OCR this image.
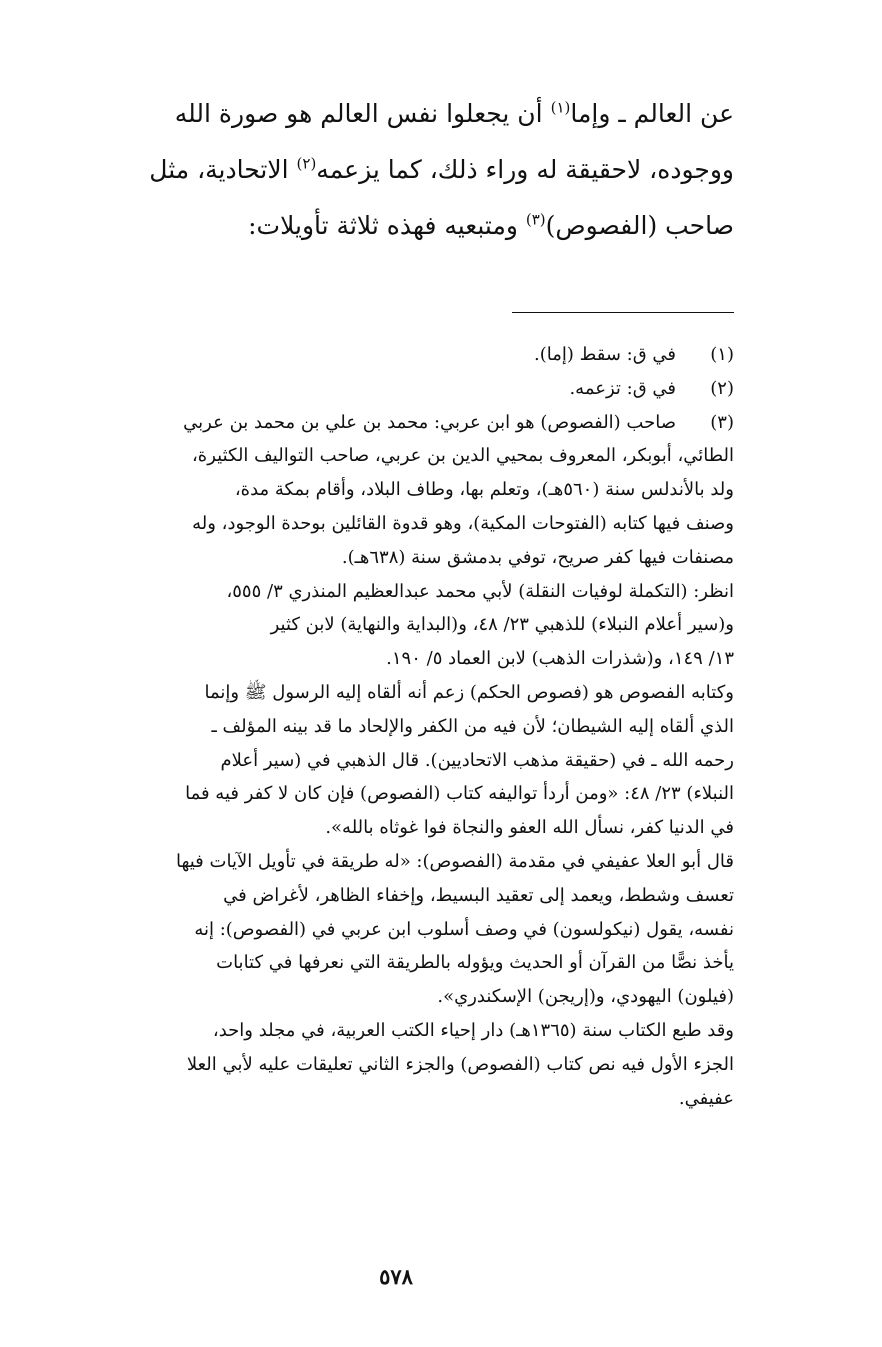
عن العالم ـ وإما$^{(١)}$ أن يجعلوا نفس العالم هو صورة الله
ووجوده، لاحقيقة له وراء ذلك، كما يزعمه$^{(٢)}$ الاتحادية، مثل
صاحب (الفصوص)$^{(٣)}$ ومتبعيه فهذه ثلاثة تأويلات:
(١)
في ق: سقط (إما).
(٢)
في ق: تزعمه.
(٣)
صاحب (الفصوص) هو ابن عربي: محمد بن علي بن محمد بن عربي
الطائي، أبوبكر، المعروف بمحيي الدين بن عربي، صاحب التواليف الكثيرة،
ولد بالأندلس سنة (٥٦٠هـ)، وتعلم بها، وطاف البلاد، وأقام بمكة مدة،
وصنف فيها كتابه (الفتوحات المكية)، وهو قدوة القائلين بوحدة الوجود، وله
مصنفات فيها كفر صريح، توفي بدمشق سنة (٦٣٨هـ).
انظر: (التكملة لوفيات النقلة) لأبي محمد عبدالعظيم المنذري ٣/ ٥٥٥،
و(سير أعلام النبلاء) للذهبي ٢٣/ ٤٨، و(البداية والنهاية) لابن كثير
١٣/ ١٤٩، و(شذرات الذهب) لابن العماد ٥/ ١٩٠.
وكتابه الفصوص هو (فصوص الحكم) زعم أنه ألقاه إليه الرسول ﷺ وإنما
الذي ألقاه إليه الشيطان؛ لأن فيه من الكفر والإلحاد ما قد بينه المؤلف ـ
رحمه الله ـ في (حقيقة مذهب الاتحاديين). قال الذهبي في (سير أعلام
النبلاء) ٢٣/ ٤٨: «ومن أردأ تواليفه كتاب (الفصوص) فإن كان لا كفر فيه فما
في الدنيا كفر، نسأل الله العفو والنجاة فوا غوثاه بالله».
قال أبو العلا عفيفي في مقدمة (الفصوص): «له طريقة في تأويل الآيات فيها
تعسف وشطط، ويعمد إلى تعقيد البسيط، وإخفاء الظاهر، لأغراض في
نفسه، يقول (نيكولسون) في وصف أسلوب ابن عربي في (الفصوص): إنه
يأخذ نصًّا من القرآن أو الحديث ويؤوله بالطريقة التي نعرفها في كتابات
(فيلون) اليهودي، و(إريجن) الإسكندري».
وقد طبع الكتاب سنة (١٣٦٥هـ) دار إحياء الكتب العربية، في مجلد واحد،
الجزء الأول فيه نص كتاب (الفصوص) والجزء الثاني تعليقات عليه لأبي العلا
عفيفي.
٥٧٨
